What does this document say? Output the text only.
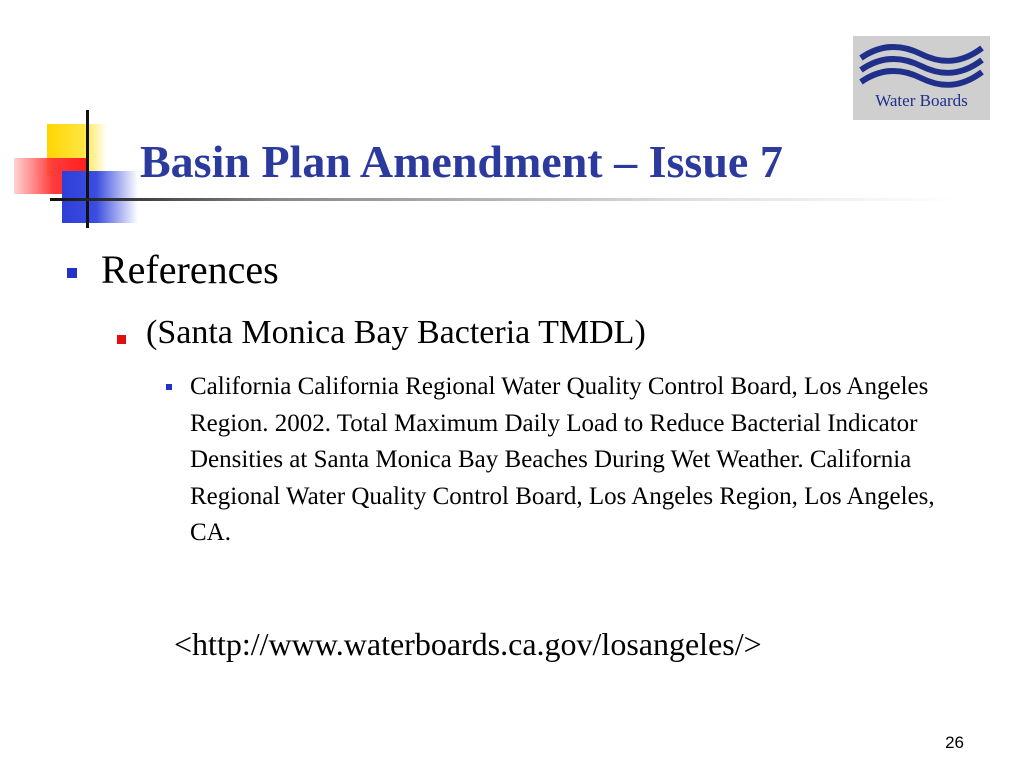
Water Boards
Basin Plan Amendment – Issue 7

References

(Santa Monica Bay Bacteria TMDL)

California California Regional Water Quality Control Board, Los Angeles Region. 2002. Total Maximum Daily Load to Reduce Bacterial Indicator Densities at Santa Monica Bay Beaches During Wet Weather. California Regional Water Quality Control Board, Los Angeles Region, Los Angeles, CA.

<http://www.waterboards.ca.gov/losangeles/>
26
